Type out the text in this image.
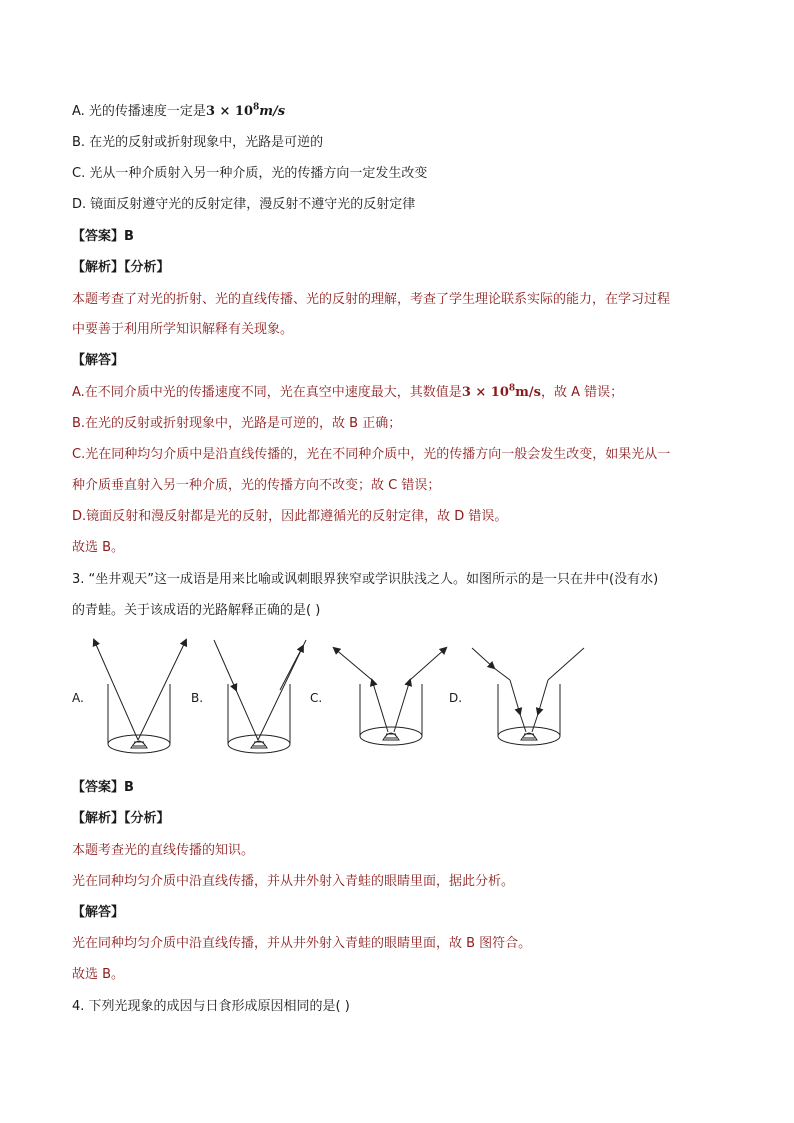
A. 光的传播速度一定是$3 \times 10^8m/s$
B. 在光的反射或折射现象中，光路是可逆的
C. 光从一种介质射入另一种介质，光的传播方向一定发生改变
D. 镜面反射遵守光的反射定律，漫反射不遵守光的反射定律
【答案】B
【解析】【分析】
本题考查了对光的折射、光的直线传播、光的反射的理解，考查了学生理论联系实际的能力，在学习过程
中要善于利用所学知识解释有关现象。
【解答】
A.在不同介质中光的传播速度不同，光在真空中速度最大，其数值是$3 \times 10^8m/s$，故 A 错误；
B.在光的反射或折射现象中，光路是可逆的，故 B 正确；
C.光在同种均匀介质中是沿直线传播的，光在不同种介质中，光的传播方向一般会发生改变，如果光从一
种介质垂直射入另一种介质，光的传播方向不改变；故 C 错误；
D.镜面反射和漫反射都是光的反射，因此都遵循光的反射定律，故 D 错误。
故选 B。
3. “坐井观天”这一成语是用来比喻或讽刺眼界狭窄或学识肤浅之人。如图所示的是一只在井中(没有水)
的青蛙。关于该成语的光路解释正确的是( )
A.	B.	C.	D.
【答案】B
【解析】【分析】
本题考查光的直线传播的知识。
光在同种均匀介质中沿直线传播，并从井外射入青蛙的眼睛里面，据此分析。
【解答】
光在同种均匀介质中沿直线传播，并从井外射入青蛙的眼睛里面，故 B 图符合。
故选 B。
4. 下列光现象的成因与日食形成原因相同的是( )
